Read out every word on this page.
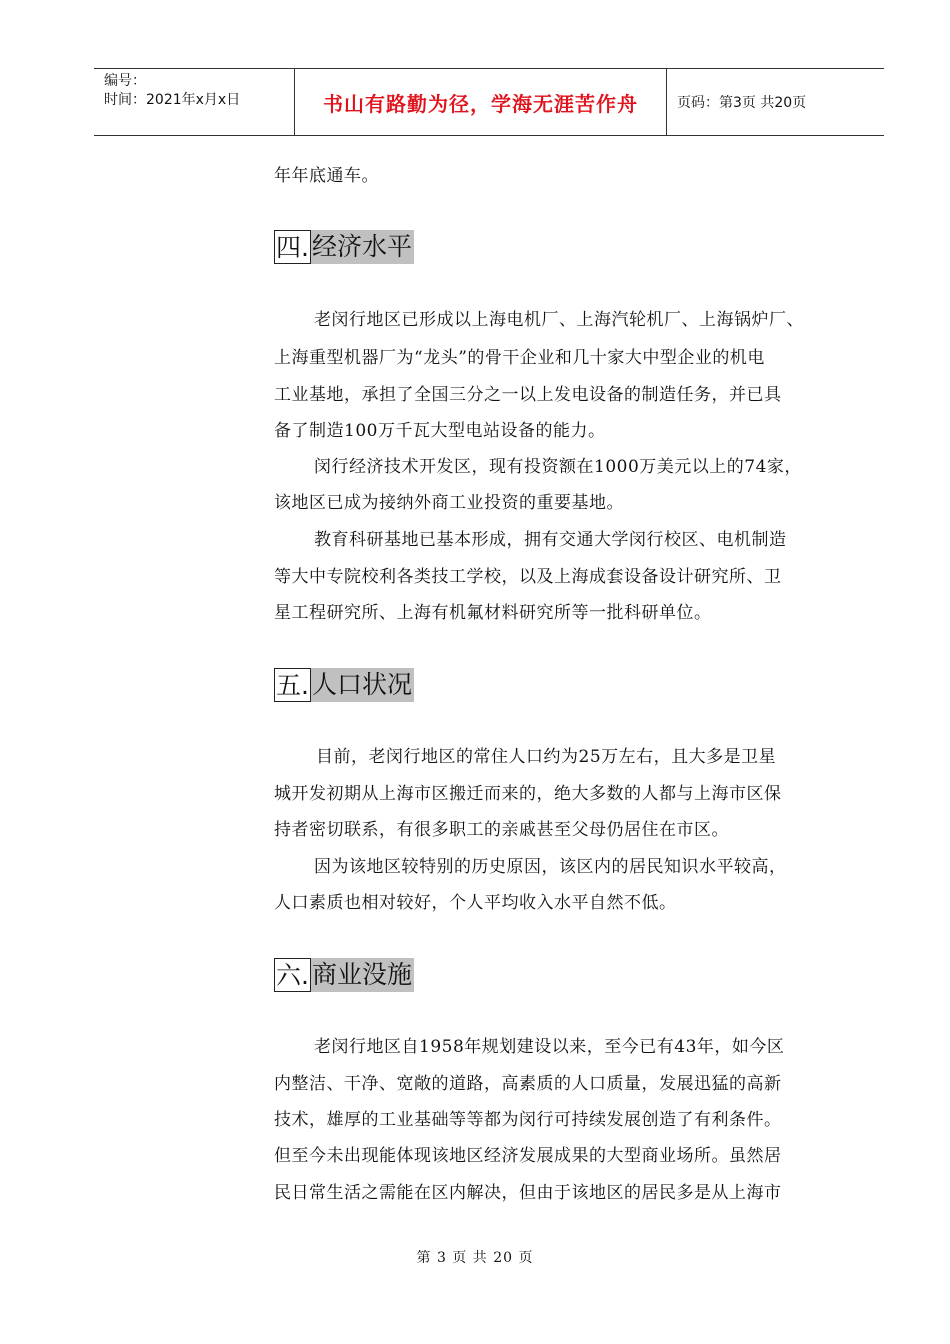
编号：
时间：2021年x月x日	书山有路勤为径，学海无涯苦作舟	页码：第3页 共20页
年年底通车。
四. 经济水平
老闵行地区已形成以上海电机厂、上海汽轮机厂、上海锅炉厂、
上海重型机器厂为“龙头”的骨干企业和几十家大中型企业的机电
工业基地，承担了全国三分之一以上发电设备的制造任务，并已具
备了制造100万千瓦大型电站设备的能力。
闵行经济技术开发区，现有投资额在1000万美元以上的74家，
该地区已成为接纳外商工业投资的重要基地。
教育科研基地已基本形成，拥有交通大学闵行校区、电机制造
等大中专院校利各类技工学校，以及上海成套设备设计研究所、卫
星工程研究所、上海有机氟材料研究所等一批科研单位。
五. 人口状况
目前，老闵行地区的常住人口约为25万左右，且大多是卫星
城开发初期从上海市区搬迁而来的，绝大多数的人都与上海市区保
持者密切联系，有很多职工的亲戚甚至父母仍居住在市区。
因为该地区较特别的历史原因，该区内的居民知识水平较高，
人口素质也相对较好，个人平均收入水平自然不低。
六. 商业没施
老闵行地区自1958年规划建设以来，至今已有43年，如今区
内整洁、干净、宽敞的道路，高素质的人口质量，发展迅猛的高新
技术，雄厚的工业基础等等都为闵行可持续发展创造了有利条件。
但至今未出现能体现该地区经济发展成果的大型商业场所。虽然居
民日常生活之需能在区内解决，但由于该地区的居民多是从上海市
第 3 页 共 20 页
